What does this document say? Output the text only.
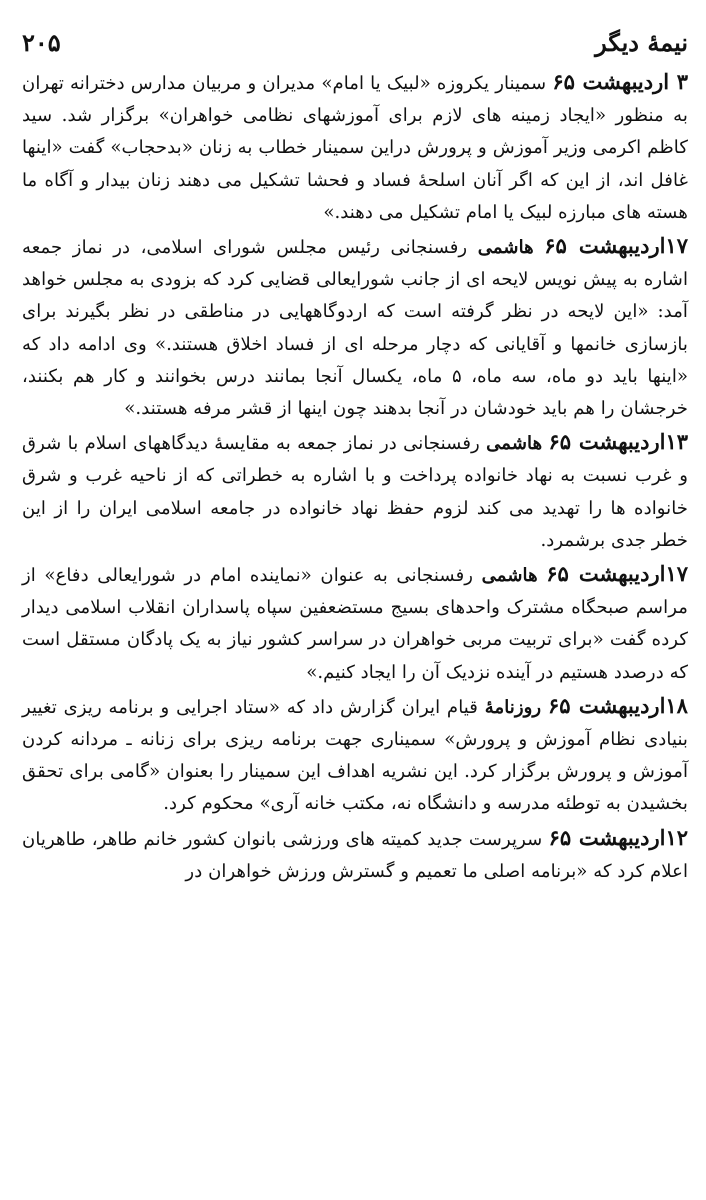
۲۰۵	نیمهٔ دیگر

۳ اردیبهشت ۶۵ سمینار یکروزه «لبیک یا امام» مدیران و مربیان مدارس دخترانه تهران به منظور «ایجاد زمینه های لازم برای آموزشهای نظامی خواهران» برگزار شد. سید کاظم اکرمی وزیر آموزش و پرورش دراین سمینار خطاب به زنان «بدحجاب» گفت «اینها غافل اند، از این که اگر آنان اسلحهٔ فساد و فحشا تشکیل می دهند زنان بیدار و آگاه ما هسته های مبارزه لبیک یا امام تشکیل می دهند.»

۱۷اردیبهشت ۶۵ هاشمی رفسنجانی رئیس مجلس شورای اسلامی، در نماز جمعه اشاره به پیش نویس لایحه ای از جانب شورایعالی قضایی کرد که بزودی به مجلس خواهد آمد: «این لایحه در نظر گرفته است که اردوگاههایی در مناطقی در نظر بگیرند برای بازسازی خانمها و آقایانی که دچار مرحله ای از فساد اخلاق هستند.» وی ادامه داد که «اینها باید دو ماه، سه ماه، ۵ ماه، یکسال آنجا بمانند درس بخوانند و کار هم بکنند، خرجشان را هم باید خودشان در آنجا بدهند چون اینها از قشر مرفه هستند.»

۱۳اردیبهشت ۶۵ هاشمی رفسنجانی در نماز جمعه به مقایسهٔ دیدگاههای اسلام با شرق و غرب نسبت به نهاد خانواده پرداخت و با اشاره به خطراتی که از ناحیه غرب و شرق خانواده ها را تهدید می کند لزوم حفظ نهاد خانواده در جامعه اسلامی ایران را از این خطر جدی برشمرد.

۱۷اردیبهشت ۶۵ هاشمی رفسنجانی به عنوان «نماینده امام در شورایعالی دفاع» از مراسم صبحگاه مشترک واحدهای بسیج مستضعفین سپاه پاسداران انقلاب اسلامی دیدار کرده گفت «برای تربیت مربی خواهران در سراسر کشور نیاز به یک پادگان مستقل است که درصدد هستیم در آینده نزدیک آن را ایجاد کنیم.»

۱۸اردیبهشت ۶۵ روزنامهٔ قیام ایران گزارش داد که «ستاد اجرایی و برنامه ریزی تغییر بنیادی نظام آموزش و پرورش» سمیناری جهت برنامه ریزی برای زنانه ـ مردانه کردن آموزش و پرورش برگزار کرد. این نشریه اهداف این سمینار را بعنوان «گامی برای تحقق بخشیدن به توطئه مدرسه و دانشگاه نه، مکتب خانه آری» محکوم کرد.

۱۲اردیبهشت ۶۵ سرپرست جدید کمیته های ورزشی بانوان کشور خانم طاهر، طاهریان اعلام کرد که «برنامه اصلی ما تعمیم و گسترش ورزش خواهران در
